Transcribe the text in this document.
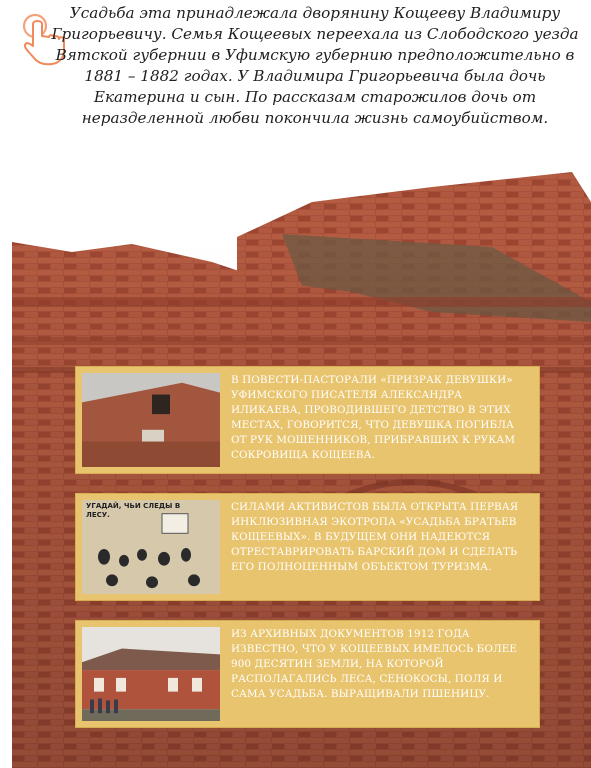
Усадьба эта принадлежала дворянину Кощееву Владимиру Григорьевичу. Семья Кощеевых переехала из Слободского уезда Вятской губернии в Уфимскую губернию предположительно в 1881 – 1882 годах. У Владимира Григорьевича была дочь Екатерина и сын. По рассказам старожилов дочь от неразделенной любви покончила жизнь самоубийством.

В ПОВЕСТИ-ПАСТОРАЛИ «ПРИЗРАК ДЕВУШКИ» УФИМСКОГО ПИСАТЕЛЯ АЛЕКСАНДРА ИЛИКАЕВА, ПРОВОДИВШЕГО ДЕТСТВО В ЭТИХ МЕСТАХ, ГОВОРИТСЯ, ЧТО ДЕВУШКА ПОГИБЛА ОТ РУК МОШЕННИКОВ, ПРИБРАВШИХ К РУКАМ СОКРОВИЩА КОЩЕЕВА.
УГАДАЙ, ЧЬИ СЛЕДЫ В ЛЕСУ.
СИЛАМИ АКТИВИСТОВ БЫЛА ОТКРЫТА ПЕРВАЯ ИНКЛЮЗИВНАЯ ЭКОТРОПА «УСАДЬБА БРАТЬЕВ КОЩЕЕВЫХ». В БУДУЩЕМ ОНИ НАДЕЮТСЯ ОТРЕСТАВРИРОВАТЬ БАРСКИЙ ДОМ И СДЕЛАТЬ ЕГО ПОЛНОЦЕННЫМ ОБЪЕКТОМ ТУРИЗМА.
ИЗ АРХИВНЫХ ДОКУМЕНТОВ 1912 ГОДА ИЗВЕСТНО, ЧТО У КОЩЕЕВЫХ ИМЕЛОСЬ БОЛЕЕ 900 ДЕСЯТИН ЗЕМЛИ, НА КОТОРОЙ РАСПОЛАГАЛИСЬ ЛЕСА, СЕНОКОСЫ, ПОЛЯ И САМА УСАДЬБА. ВЫРАЩИВАЛИ ПШЕНИЦУ.
